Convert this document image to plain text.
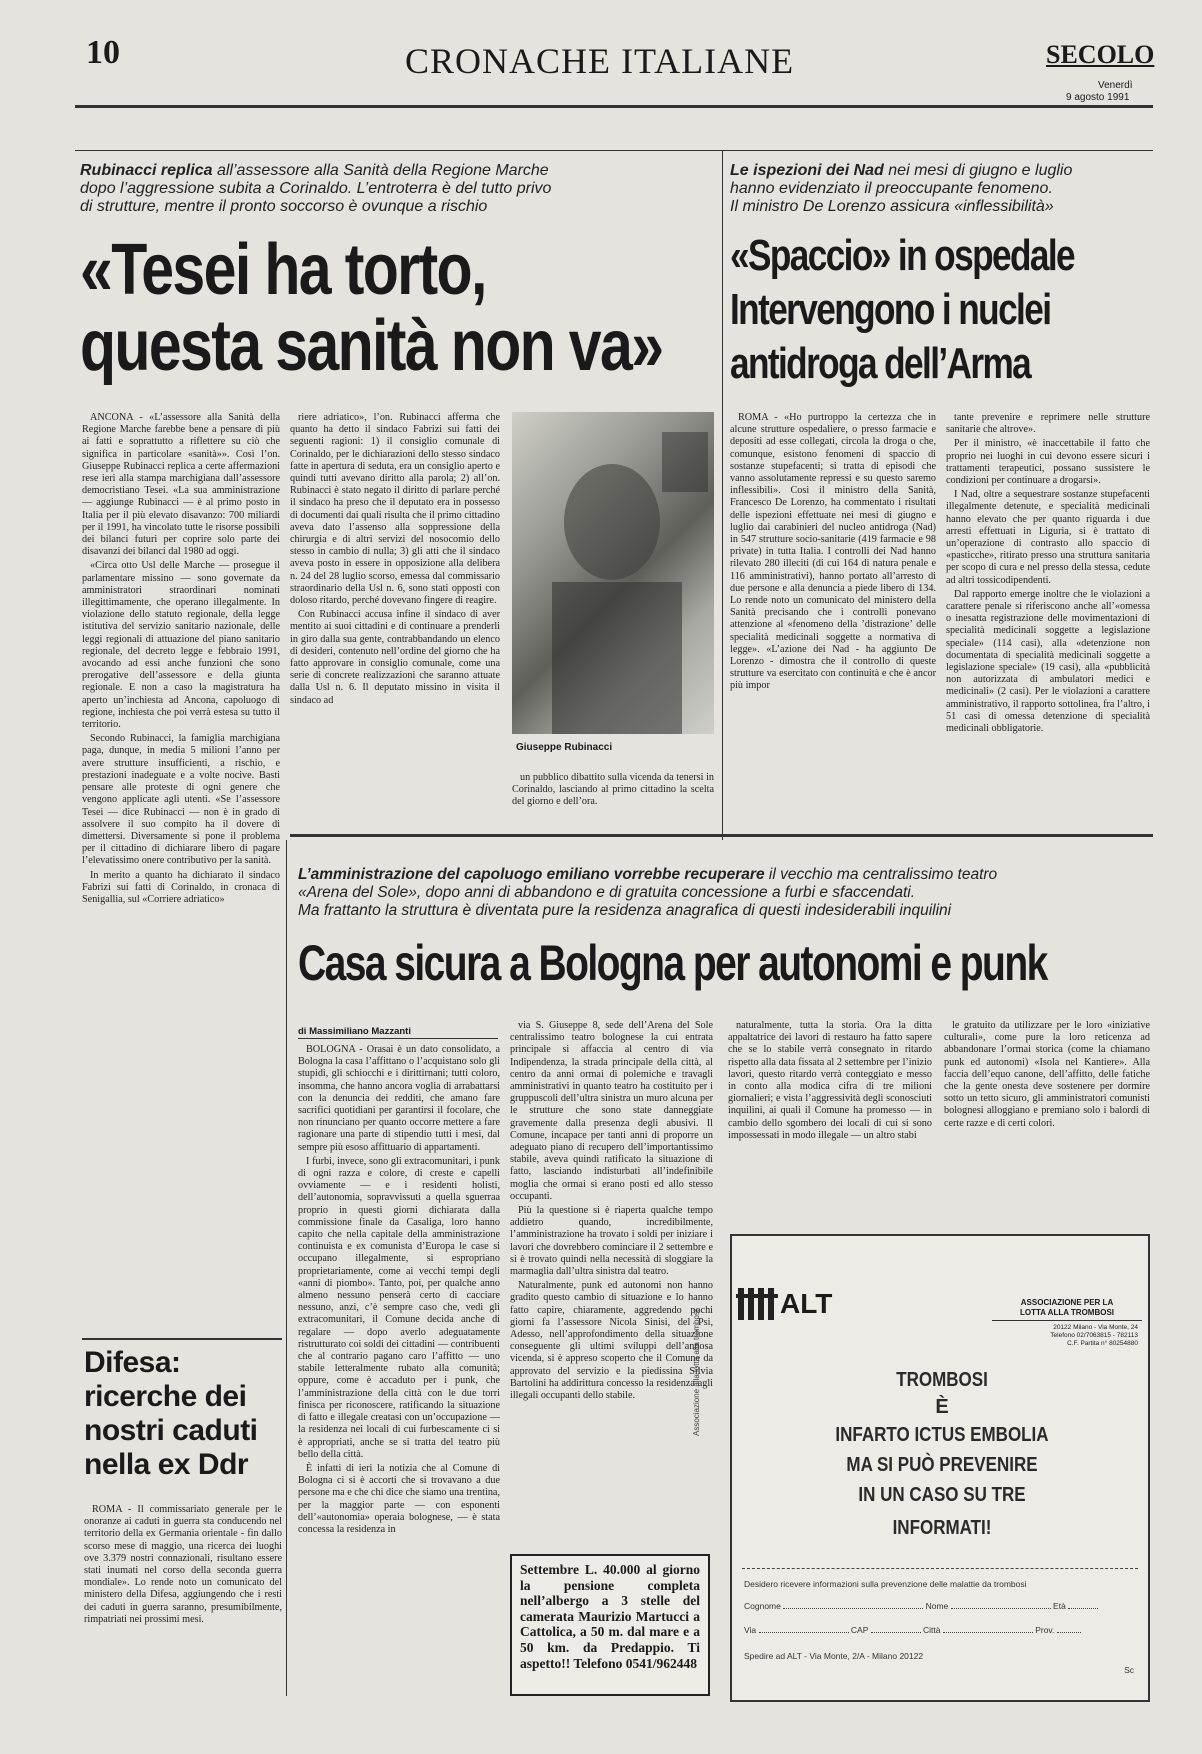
10	CRONACHE ITALIANE	SECOLO
Venerdì
9 agosto 1991
Rubinacci replica all’assessore alla Sanità della Regione Marche
dopo l’aggressione subita a Corinaldo. L’entroterra è del tutto privo
di strutture, mentre il pronto soccorso è ovunque a rischio
«Tesei ha torto,
questa sanità non va»

ANCONA - «L’assessore alla Sanità della Regione Marche farebbe bene a pensare di più ai fatti e soprattutto a riflettere su ciò che significa in particolare «sanità»». Così l’on. Giuseppe Rubinacci replica a certe affermazioni rese ieri alla stampa marchigiana dall’assessore democristiano Tesei. «La sua amministrazione — aggiunge Rubinacci — è al primo posto in Italia per il più elevato disavanzo: 700 miliardi per il 1991, ha vincolato tutte le risorse possibili dei bilanci futuri per coprire solo parte dei disavanzi dei bilanci dal 1980 ad oggi.

«Circa otto Usl delle Marche — prosegue il parlamentare missino — sono governate da amministratori straordinari nominati illegittimamente, che operano illegalmente. In violazione dello statuto regionale, della legge istitutiva del servizio sanitario nazionale, delle leggi regionali di attuazione del piano sanitario regionale, del decreto legge e febbraio 1991, avocando ad essi anche funzioni che sono prerogative dell’assessore e della giunta regionale. E non a caso la magistratura ha aperto un’inchiesta ad Ancona, capoluogo di regione, inchiesta che poi verrà estesa su tutto il territorio.

Secondo Rubinacci, la famiglia marchigiana paga, dunque, in media 5 milioni l’anno per avere strutture insufficienti, a rischio, e prestazioni inadeguate e a volte nocive. Basti pensare alle proteste di ogni genere che vengono applicate agli utenti. «Se l’assessore Tesei — dice Rubinacci — non è in grado di assolvere il suo compito ha il dovere di dimettersi. Diversamente si pone il problema per il cittadino di dichiarare libero di pagare l’elevatissimo onere contributivo per la sanità.

In merito a quanto ha dichiarato il sindaco Fabrizi sui fatti di Corinaldo, in cronaca di Senigallia, sul «Corriere adriatico»

riere adriatico», l’on. Rubinacci afferma che quanto ha detto il sindaco Fabrizi sui fatti dei seguenti ragioni: 1) il consiglio comunale di Corinaldo, per le dichiarazioni dello stesso sindaco fatte in apertura di seduta, era un consiglio aperto e quindi tutti avevano diritto alla parola; 2) all’on. Rubinacci è stato negato il diritto di parlare perché il sindaco ha preso che il deputato era in possesso di documenti dai quali risulta che il primo cittadino aveva dato l’assenso alla soppressione della chirurgia e di altri servizi del nosocomio dello stesso in cambio di nulla; 3) gli atti che il sindaco aveva posto in essere in opposizione alla delibera n. 24 del 28 luglio scorso, emessa dal commissario straordinario della Usl n. 6, sono stati opposti con doloso ritardo, perché dovevano fingere di reagire.

Con Rubinacci accusa infine il sindaco di aver mentito ai suoi cittadini e di continuare a prenderli in giro dalla sua gente, contrabbandando un elenco di desideri, contenuto nell’ordine del giorno che ha fatto approvare in consiglio comunale, come una serie di concrete realizzazioni che saranno attuate dalla Usl n. 6. Il deputato missino in visita il sindaco ad

Giuseppe Rubinacci

un pubblico dibattito sulla vicenda da tenersi in Corinaldo, lasciando al primo cittadino la scelta del giorno e dell’ora.

Le ispezioni dei Nad nei mesi di giugno e luglio
hanno evidenziato il preoccupante fenomeno.
Il ministro De Lorenzo assicura «inflessibilità»
«Spaccio» in ospedale
Intervengono i nuclei
antidroga dell’Arma

ROMA - «Ho purtroppo la certezza che in alcune strutture ospedaliere, o presso farmacie e depositi ad esse collegati, circola la droga o che, comunque, esistono fenomeni di spaccio di sostanze stupefacenti; si tratta di episodi che vanno assolutamente repressi e su questo saremo inflessibili». Così il ministro della Sanità, Francesco De Lorenzo, ha commentato i risultati delle ispezioni effettuate nei mesi di giugno e luglio dai carabinieri del nucleo antidroga (Nad) in 547 strutture socio-sanitarie (419 farmacie e 98 private) in tutta Italia. I controlli dei Nad hanno rilevato 280 illeciti (di cui 164 di natura penale e 116 amministrativi), hanno portato all’arresto di due persone e alla denuncia a piede libero di 134. Lo rende noto un comunicato del ministero della Sanità precisando che i controlli ponevano attenzione al «fenomeno della ’distrazione’ delle specialità medicinali soggette a normativa di legge». «L’azione dei Nad - ha aggiunto De Lorenzo - dimostra che il controllo di queste strutture va esercitato con continuità e che è ancor più impor

tante prevenire e reprimere nelle strutture sanitarie che altrove».

Per il ministro, «è inaccettabile il fatto che proprio nei luoghi in cui devono essere sicuri i trattamenti terapeutici, possano sussistere le condizioni per continuare a drogarsi».

I Nad, oltre a sequestrare sostanze stupefacenti illegalmente detenute, e specialità medicinali hanno elevato che per quanto riguarda i due arresti effettuati in Liguria, si è trattato di un’operazione di contrasto allo spaccio di «pasticche», ritirato presso una struttura sanitaria per scopo di cura e nel presso della stessa, cedute ad altri tossicodipendenti.

Dal rapporto emerge inoltre che le violazioni a carattere penale si riferiscono anche all’«omessa o inesatta registrazione delle movimentazioni di specialità medicinali soggette a legislazione speciale» (114 casi), alla «detenzione non documentata di specialità medicinali soggette a legislazione speciale» (19 casi), alla «pubblicità non autorizzata di ambulatori medici e medicinali» (2 casi). Per le violazioni a carattere amministrativo, il rapporto sottolinea, fra l’altro, i 51 casi di omessa detenzione di specialità medicinali obbligatorie.

L’amministrazione del capoluogo emiliano vorrebbe recuperare il vecchio ma centralissimo teatro
«Arena del Sole», dopo anni di abbandono e di gratuita concessione a furbi e sfaccendati.
Ma frattanto la struttura è diventata pure la residenza anagrafica di questi indesiderabili inquilini
Casa sicura a Bologna per autonomi e punk
di Massimiliano Mazzanti

BOLOGNA - Orasai è un dato consolidato, a Bologna la casa l’affittano o l’acquistano solo gli stupidi, gli schiocchi e i dirittirnani; tutti coloro, insomma, che hanno ancora voglia di arrabattarsi con la denuncia dei redditi, che amano fare sacrifici quotidiani per garantirsi il focolare, che non rinunciano per quanto occorre mettere a fare ragionare una parte di stipendio tutti i mesi, dal sempre più esoso affittuario di appartamenti.

I furbi, invece, sono gli extracomunitari, i punk di ogni razza e colore, di creste e capelli ovviamente — e i residenti holisti, dell’autonomia, sopravvissuti a quella sguerraa proprio in questi giorni dichiarata dalla commissione finale da Casaliga, loro hanno capito che nella capitale della amministrazione continuista e ex comunista d’Europa le case si occupano illegalmente, si espropriano proprietariamente, come ai vecchi tempi degli «anni di piombo». Tanto, poi, per qualche anno almeno nessuno penserà certo di cacciare nessuno, anzi, c’è sempre caso che, vedi gli extracomunitari, il Comune decida anche di regalare — dopo averlo adeguatamente ristrutturato coi soldi dei cittadini — contribuenti che al contrario pagano caro l’affitto — uno stabile letteralmente rubato alla comunità; oppure, come è accaduto per i punk, che l’amministrazione della città con le due torri finisca per riconoscere, ratificando la situazione di fatto e illegale creatasi con un’occupazione — la residenza nei locali di cui furbescamente ci si è appropriati, anche se si tratta del teatro più bello della città.

È infatti di ieri la notizia che al Comune di Bologna ci si è accorti che si trovavano a due persone ma e che chi dice che siamo una trentina, per la maggior parte — con esponenti dell’«autonomia» operaia bolognese, — è stata concessa la residenza in

via S. Giuseppe 8, sede dell’Arena del Sole centralissimo teatro bolognese la cui entrata principale si affaccia al centro di via Indipendenza, la strada principale della città, al centro da anni ormai di polemiche e travagli amministrativi in quanto teatro ha costituito per i gruppuscoli dell’ultra sinistra un muro alcuna per le strutture che sono state danneggiate gravemente dalla presenza degli abusivi. Il Comune, incapace per tanti anni di proporre un adeguato piano di recupero dell’importantissimo stabile, aveva quindi ratificato la situazione di fatto, lasciando indisturbati all’indefinibile moglia che ormai si erano posti ed allo stesso occupanti.

Più la questione si è riaperta qualche tempo addietro quando, incredibilmente, l’amministrazione ha trovato i soldi per iniziare i lavori che dovrebbero cominciare il 2 settembre e si è trovato quindi nella necessità di sloggiare la marmaglia dall’ultra sinistra dal teatro.

Naturalmente, punk ed autonomi non hanno gradito questo cambio di situazione e lo hanno fatto capire, chiaramente, aggredendo pochi giorni fa l’assessore Nicola Sinisi, del Psi, Adesso, nell’approfondimento della situazione conseguente gli ultimi sviluppi dell’annosa vicenda, si è appreso scoperto che il Comune da approvato del servizio e la piedissina Silvia Bartolini ha addirittura concesso la residenza agli illegali occupanti dello stabile.

naturalmente, tutta la storia. Ora la ditta appaltatrice dei lavori di restauro ha fatto sapere che se lo stabile verrà consegnato in ritardo rispetto alla data fissata al 2 settembre per l’inizio lavori, questo ritardo verrà conteggiato e messo in conto alla modica cifra di tre milioni giornalieri; e vista l’aggressività degli sconosciuti inquilini, ai quali il Comune ha promesso — in cambio dello sgombero dei locali di cui si sono impossessati in modo illegale — un altro stabi

le gratuito da utilizzare per le loro «iniziative culturali», come pure la loro reticenza ad abbandonare l’ormai storica (come la chiamano punk ed autonomi) «Isola nel Kantiere». Alla faccia dell’equo canone, dell’affitto, delle fatiche che la gente onesta deve sostenere per dormire sotto un tetto sicuro, gli amministratori comunisti bolognesi alloggiano e premiano solo i balordi di certe razze e di certi colori.

Difesa:
ricerche dei
nostri caduti
nella ex Ddr

ROMA - Il commissariato generale per le onoranze ai caduti in guerra sta conducendo nel territorio della ex Germania orientale - fin dallo scorso mese di maggio, una ricerca dei luoghi ove 3.379 nostri connazionali, risultano essere stati inumati nel corso della seconda guerra mondiale». Lo rende noto un comunicato del ministero della Difesa, aggiungendo che i resti dei caduti in guerra saranno, presumibilmente, rimpatriati nei prossimi mesi.

Settembre L. 40.000 al giorno la pensione completa nell’albergo a 3 stelle del camerata Maurizio Martucci a Cattolica, a 50 m. dal mare e a 50 km. da Predappio. Ti aspetto!! Telefono 0541/962448
ALT	ASSOCIAZIONE PER LA
LOTTA ALLA TROMBOSI
20122 Milano - Via Monte, 24
Telefono 02/7063815 - 782113
C.F. Partita n° 80254880
Associazione alla lotta alla trombosi	TROMBOSI
È
INFARTO ICTUS EMBOLIA
MA SI PUÒ PREVENIRE
IN UN CASO SU TRE
INFORMATI!
Desidero ricevere informazioni sulla prevenzione delle malattie da trombosi
Cognome	Nome	Età
Via	CAP	Città	Prov.
Spedire ad ALT - Via Monte, 2/A - Milano 20122
Sc
